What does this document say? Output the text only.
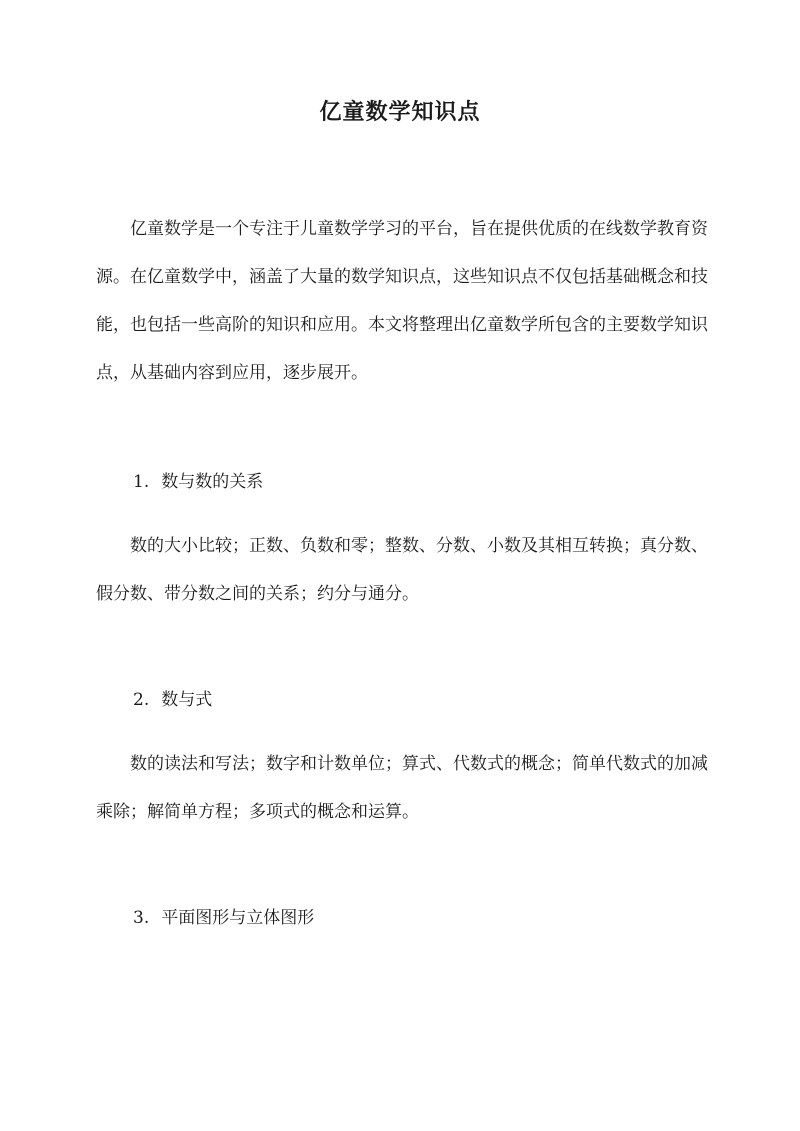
亿童数学知识点

亿童数学是一个专注于儿童数学学习的平台，旨在提供优质的在线数学教育资源。在亿童数学中，涵盖了大量的数学知识点，这些知识点不仅包括基础概念和技能，也包括一些高阶的知识和应用。本文将整理出亿童数学所包含的主要数学知识点，从基础内容到应用，逐步展开。

1. 数与数的关系

数的大小比较；正数、负数和零；整数、分数、小数及其相互转换；真分数、假分数、带分数之间的关系；约分与通分。

2. 数与式

数的读法和写法；数字和计数单位；算式、代数式的概念；简单代数式的加减乘除；解简单方程；多项式的概念和运算。

3. 平面图形与立体图形
